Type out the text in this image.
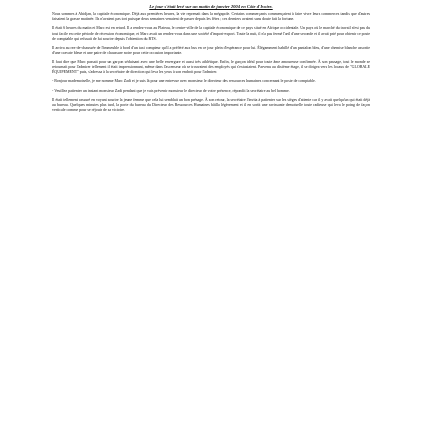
Le jour s'était levé sur un matin de janvier 2004 en Côte d'Ivoire.

Nous sommes à Abidjan, la capitale économique. Déjà aux premières heures, la vie reprenait dans la mégapole. Certains commerçants commençaient à faire vivre leurs commerces tandis que d'autres faisaient la grasse matinée. Ils n'avaient pas tort puisque deux semaines venaient de passer depuis les fêtes ; ces derniers avaient sans doute fait la fortune.

Il était 6 heures du matin et Marc est en retard. Il a rendez-vous au Plateau, le centre-ville de la capitale économique de ce pays situé en Afrique occidentale. Un pays où le marché du travail n'est pas du tout facile en cette période de récession économique, et Marc avait un rendez-vous dans une société d'import-export. Toute la nuit, il n'a pas fermé l'œil d'une seconde et il avait prié pour obtenir ce poste de comptable qui refusait de lui sourire depuis l'obtention du BTS.

Il arriva au rez-de-chaussée de l'immeuble à bord d'un taxi compteur qu'il a préféré aux bus en ce jour plein d'espérance pour lui. Élégamment habillé d'un pantalon bleu, d'une chemise blanche assortie d'une cravate bleue et une paire de chaussure noire pour cette occasion importante.

Il faut dire que Marc passait pour un garçon séduisant avec une belle envergure et aussi très athlétique. Enfin, le garçon idéal pour toute âme amoureuse confirmée. À son passage, tout le monde se retournait pour l'admirer tellement il était impressionnant, même dans l'ascenseur où se trouvaient des employés qui s'extasiaient. Parvenu au dixième étage, il se dirigea vers les locaux de "GLOBALE ÉQUIPEMENT" puis, s'adressa à la secrétaire de direction qui leva les yeux à son endroit pour l'admirer.

- Bonjour mademoiselle, je me nomme Marc Zadi et je suis là pour une entrevue avec monsieur le directeur des ressources humaines concernant le poste de comptable.

- Veuillez patienter un instant monsieur Zadi pendant que je vais prévenir monsieur le directeur de votre présence, répondit la secrétaire au bel homme.

Il était tellement rassuré en voyant sourire la jeune femme que cela lui semblait un bon présage. À son retour, la secrétaire l'invita à patienter sur les sièges d'attente car il y avait quelqu'un qui était déjà au bureau. Quelques minutes plus tard, la porte du bureau du Directeur des Ressources Humaines bâilla légèrement et il en sortit une ravissante demoiselle toute radieuse qui leva le poing de façon verticale comme pour se réjouir de sa victoire.
